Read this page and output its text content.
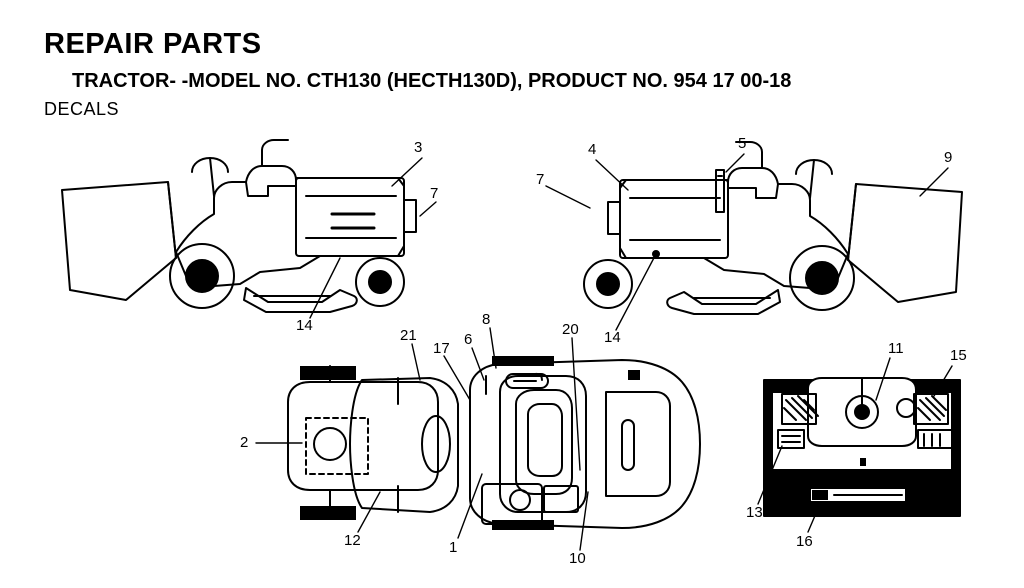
REPAIR PARTS
TRACTOR- -MODEL NO. CTH130 (HECTH130D), PRODUCT NO. 954 17 00-18
DECALS
3
7
14
4	5
7
9
14
21
17
6
8
20
2
12	1
10
11	15
13
16
